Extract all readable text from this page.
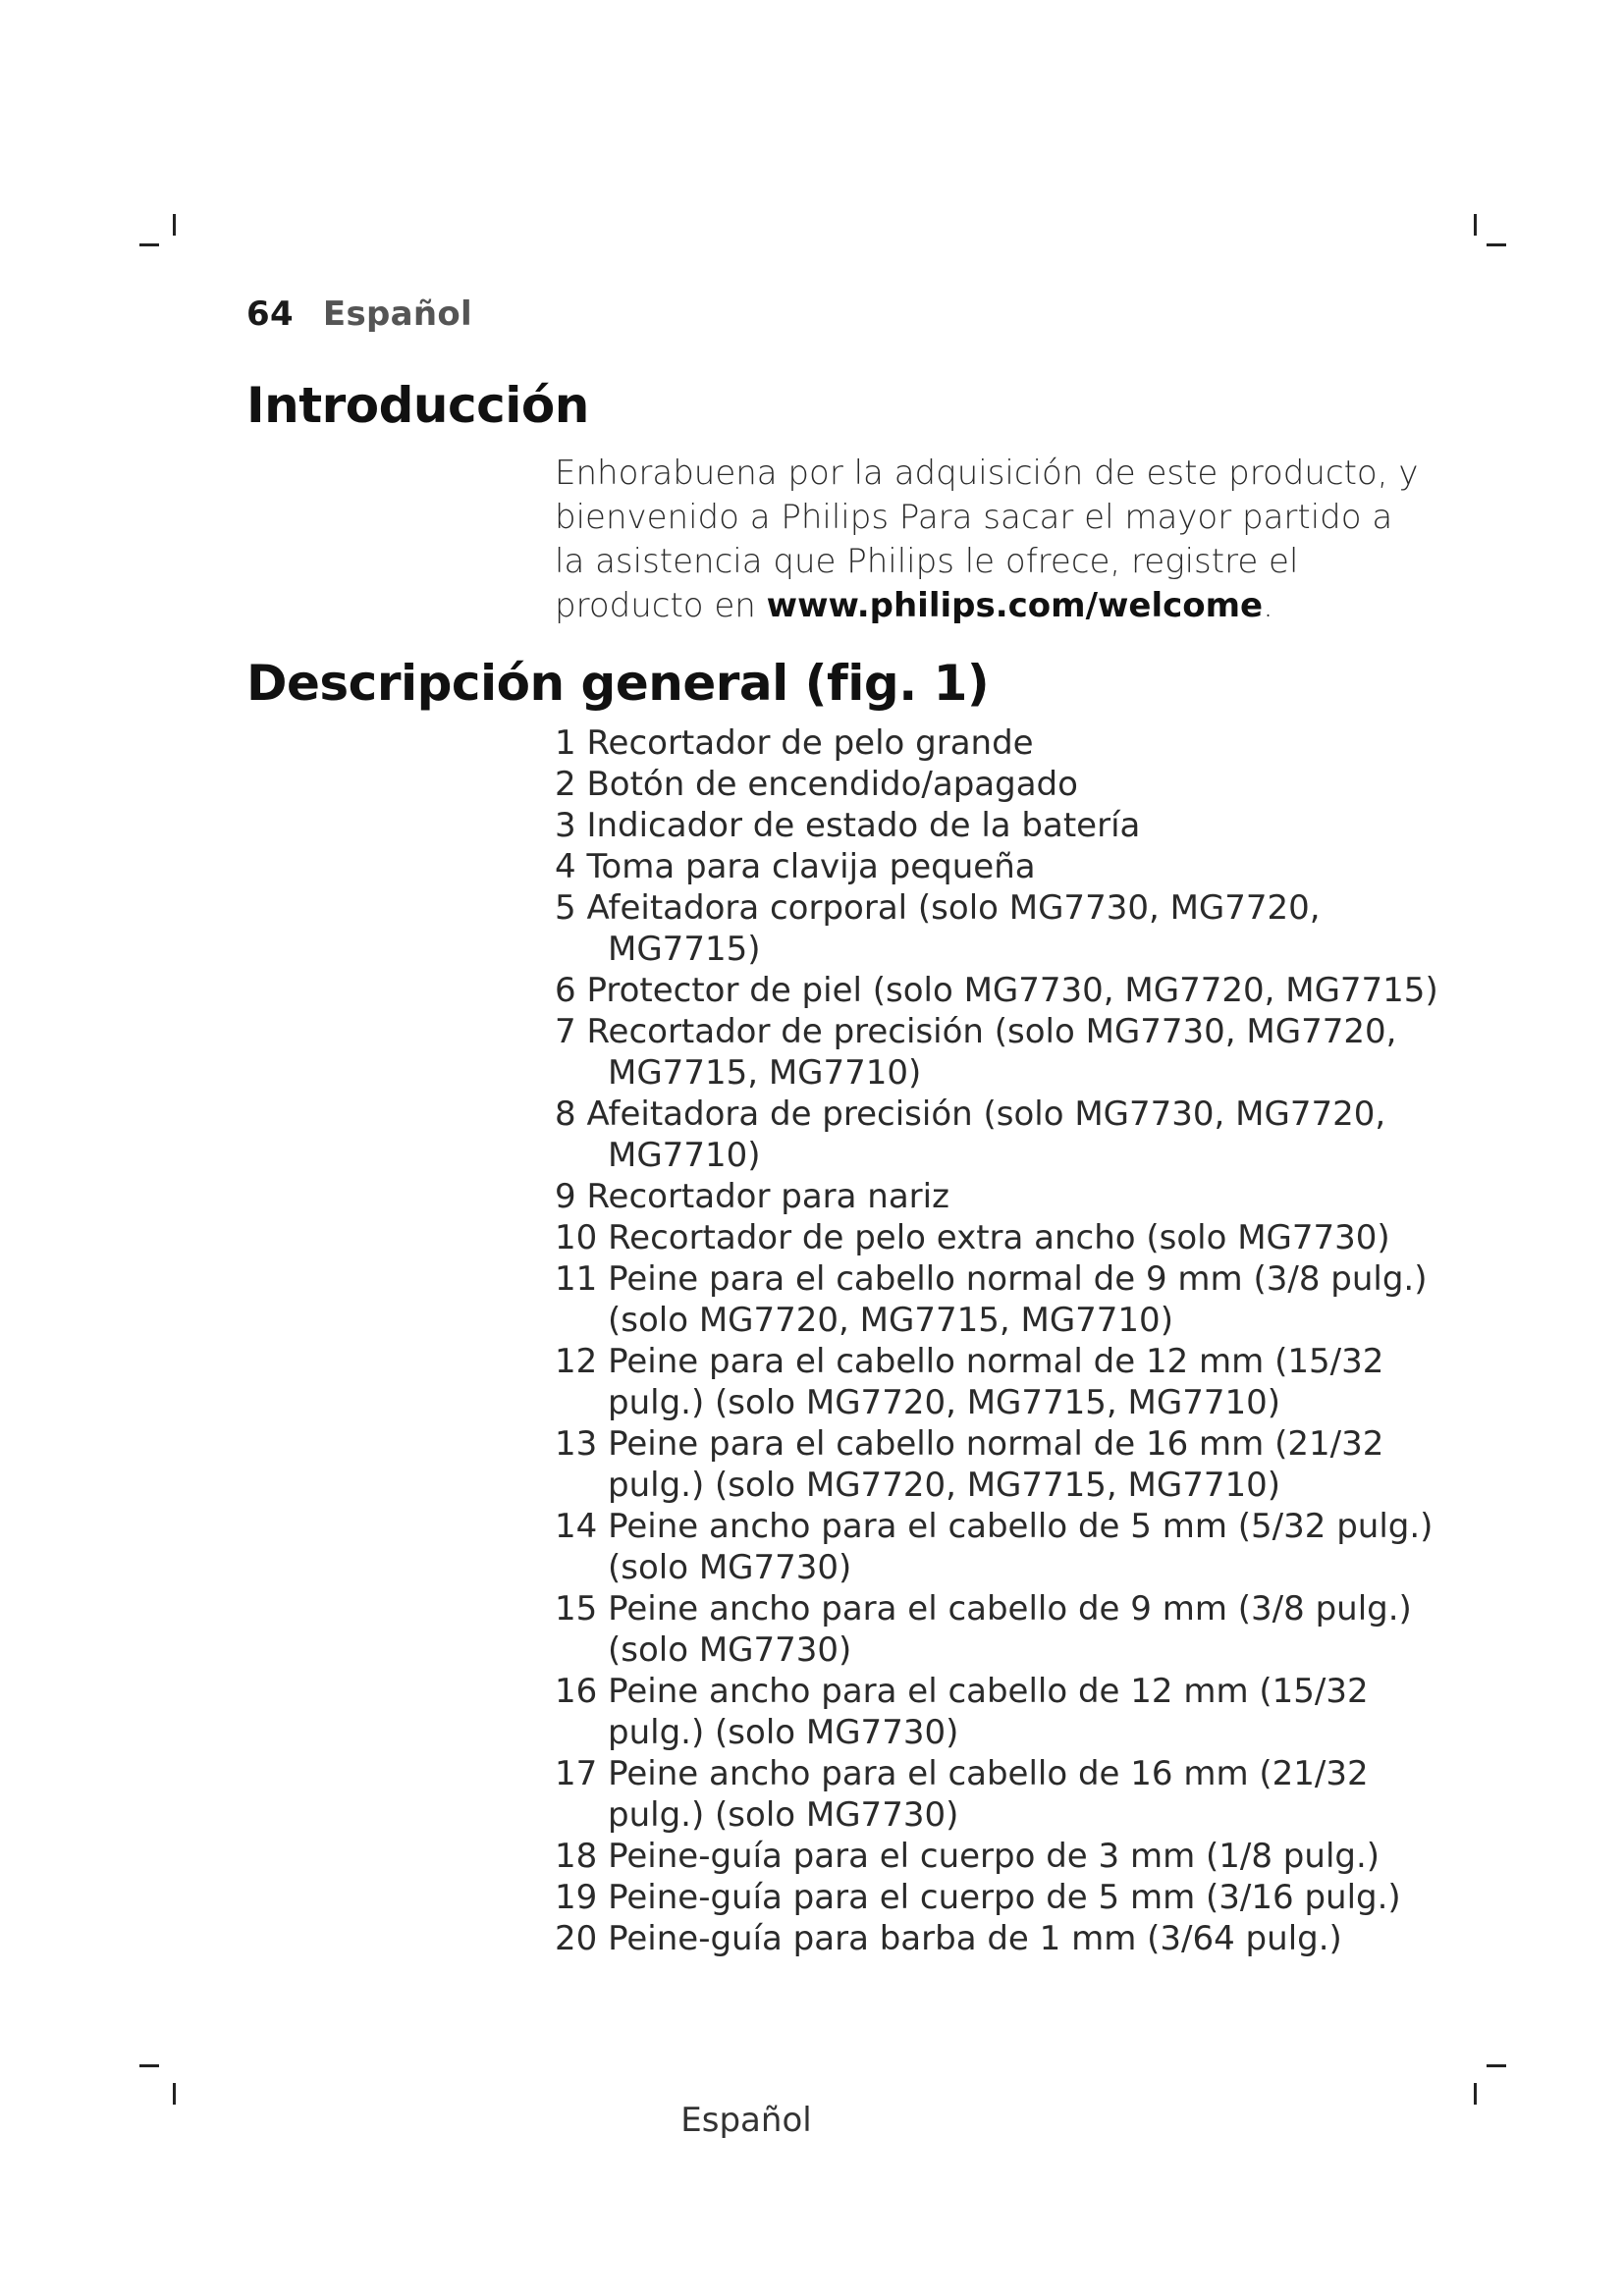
64 Español
Introducción
Enhorabuena por la adquisición de este producto, y bienvenido a Philips Para sacar el mayor partido a la asistencia que Philips le ofrece, registre el producto en www.philips.com/welcome.
Descripción general (fig. 1)
1 Recortador de pelo grande
2 Botón de encendido/apagado
3 Indicador de estado de la batería
4 Toma para clavija pequeña
5 Afeitadora corporal (solo MG7730, MG7720, MG7715)
6 Protector de piel (solo MG7730, MG7720, MG7715)
7 Recortador de precisión (solo MG7730, MG7720, MG7715, MG7710)
8 Afeitadora de precisión (solo MG7730, MG7720, MG7710)
9 Recortador para nariz
10 Recortador de pelo extra ancho (solo MG7730)
11 Peine para el cabello normal de 9 mm (3/8 pulg.) (solo MG7720, MG7715, MG7710)
12 Peine para el cabello normal de 12 mm (15/32 pulg.) (solo MG7720, MG7715, MG7710)
13 Peine para el cabello normal de 16 mm (21/32 pulg.) (solo MG7720, MG7715, MG7710)
14 Peine ancho para el cabello de 5 mm (5/32 pulg.) (solo MG7730)
15 Peine ancho para el cabello de 9 mm (3/8 pulg.) (solo MG7730)
16 Peine ancho para el cabello de 12 mm (15/32 pulg.) (solo MG7730)
17 Peine ancho para el cabello de 16 mm (21/32 pulg.) (solo MG7730)
18 Peine-guía para el cuerpo de 3 mm (1/8 pulg.)
19 Peine-guía para el cuerpo de 5 mm (3/16 pulg.)
20 Peine-guía para barba de 1 mm (3/64 pulg.)
Español
